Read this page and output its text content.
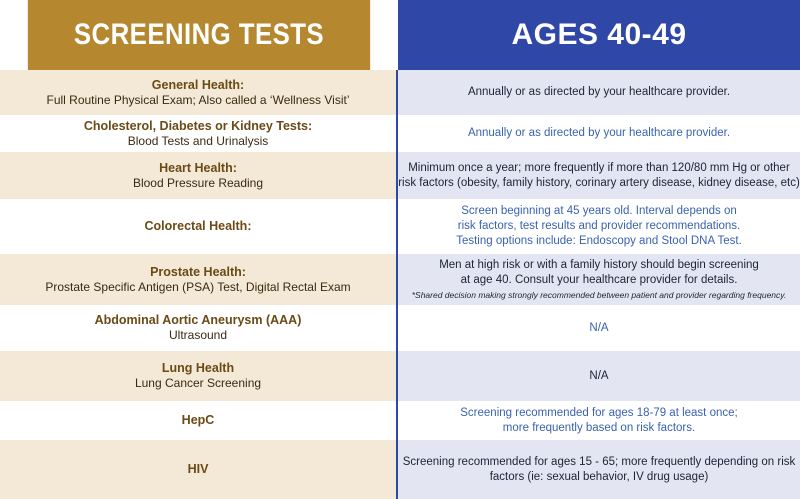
SCREENING TESTS	AGES 40-49
General Health:
Full Routine Physical Exam; Also called a ‘Wellness Visit’
Annually or as directed by your healthcare provider.
Cholesterol, Diabetes or Kidney Tests:
Blood Tests and Urinalysis
Annually or as directed by your healthcare provider.
Heart Health:
Blood Pressure Reading
Minimum once a year; more frequently if more than 120/80 mm Hg or other
risk factors (obesity, family history, corinary artery disease, kidney disease, etc)
Colorectal Health:
Screen beginning at 45 years old. Interval depends on
risk factors, test results and provider recommendations.
Testing options include: Endoscopy and Stool DNA Test.
Prostate Health:
Prostate Specific Antigen (PSA) Test, Digital Rectal Exam
Men at high risk or with a family history should begin screening
at age 40. Consult your healthcare provider for details.
*Shared decision making strongly recommended between patient and provider regarding frequency.
Abdominal Aortic Aneurysm (AAA)
Ultrasound
N/A
Lung Health
Lung Cancer Screening
N/A
HepC
Screening recommended for ages 18-79 at least once;
more frequently based on risk factors.
HIV
Screening recommended for ages 15 - 65; more frequently depending on risk
factors (ie: sexual behavior, IV drug usage)
